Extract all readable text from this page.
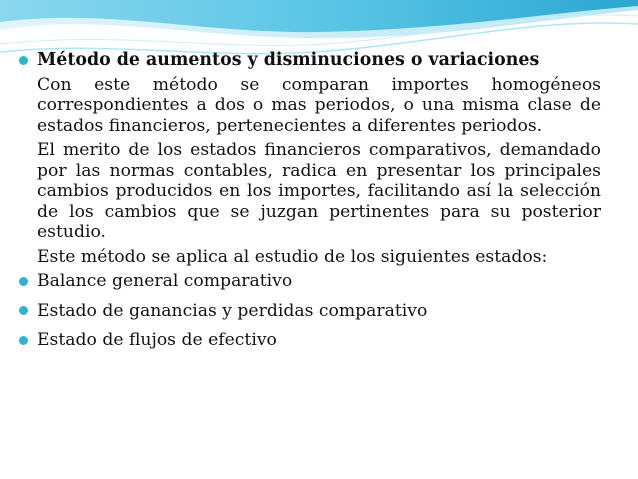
Método de aumentos y disminuciones o variaciones
Con este método se comparan importes homogéneos correspondientes a dos o mas periodos, o una misma clase de estados financieros, pertenecientes a diferentes periodos.
El merito de los estados financieros comparativos, demandado por las normas contables, radica en presentar los principales cambios producidos en los importes, facilitando así la selección de los cambios que se juzgan pertinentes para su posterior estudio.
Este método se aplica al estudio de los siguientes estados:
Balance general comparativo
Estado de ganancias y perdidas comparativo
Estado de flujos de efectivo
